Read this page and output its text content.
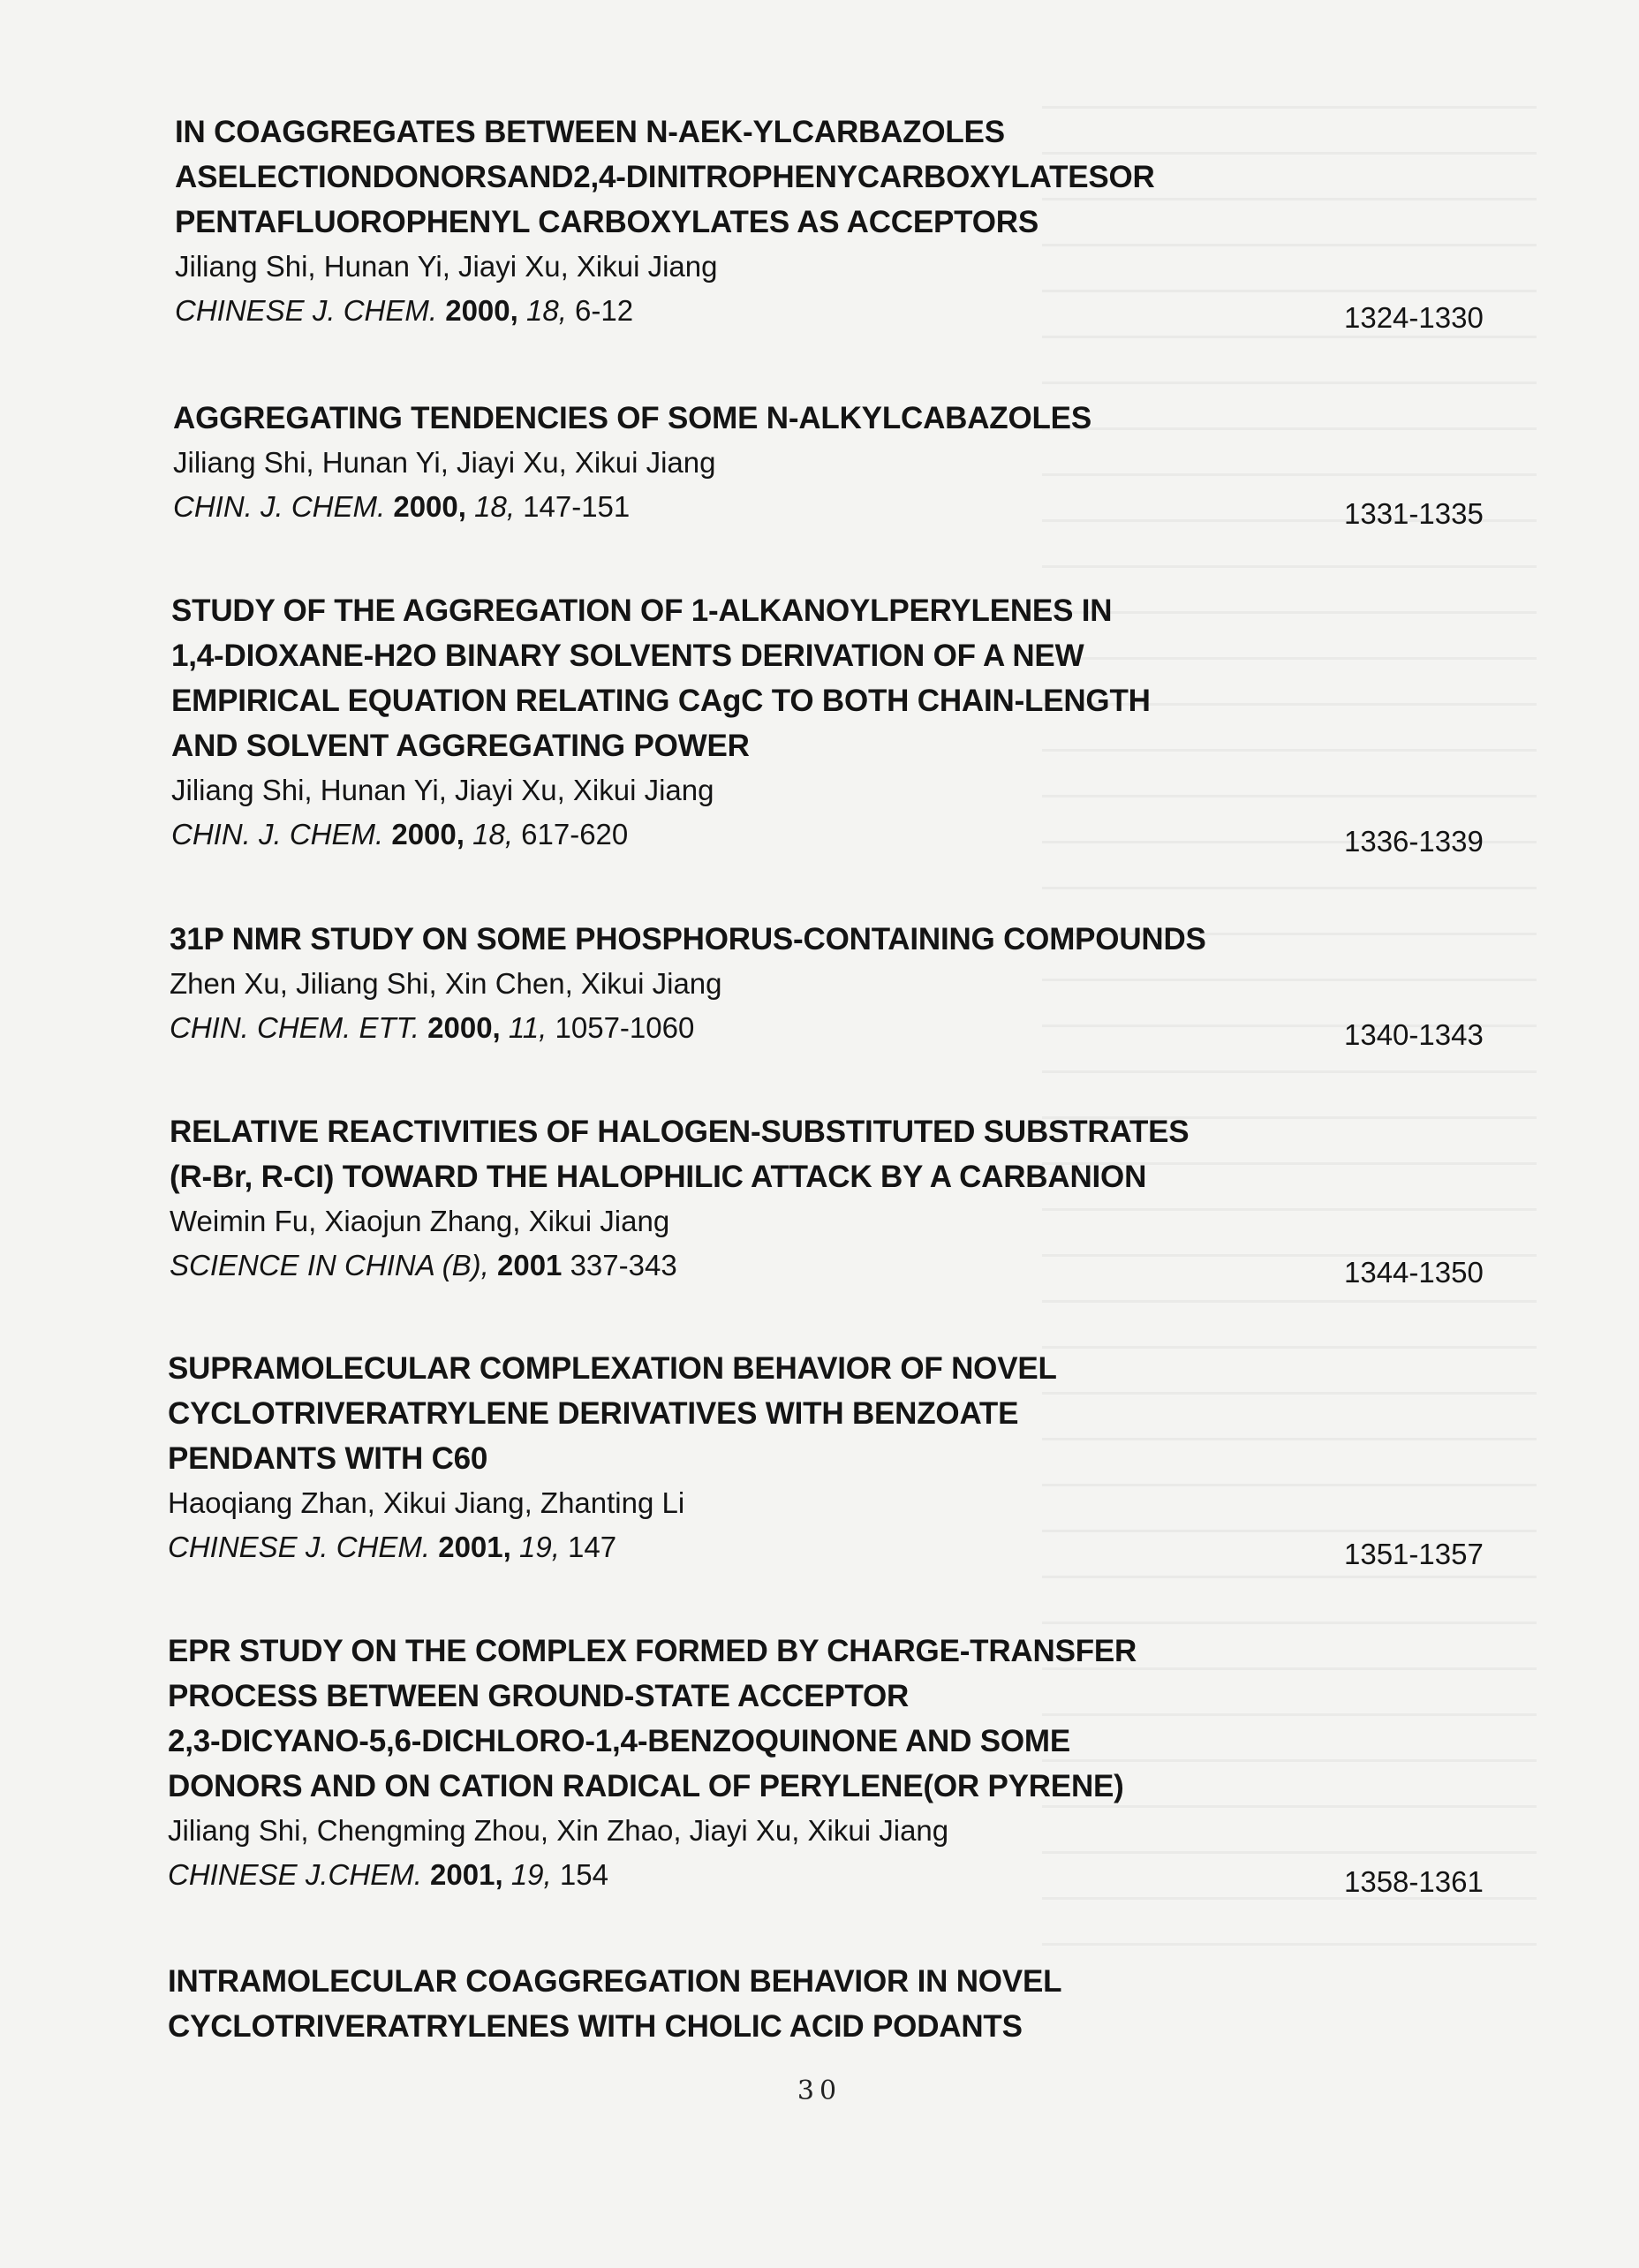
IN COAGGREGATES BETWEEN N-AEK-YLCARBAZOLES

ASELECTIONDONORSAND2,4-DINITROPHENYCARBOXYLATESOR

PENTAFLUOROPHENYL CARBOXYLATES AS ACCEPTORS

Jiliang Shi, Hunan Yi, Jiayi Xu, Xikui Jiang

CHINESE J. CHEM. 2000, 18, 6-12	1324-1330

AGGREGATING TENDENCIES OF SOME N-ALKYLCABAZOLES

Jiliang Shi, Hunan Yi, Jiayi Xu, Xikui Jiang

CHIN. J. CHEM. 2000, 18, 147-151	1331-1335

STUDY OF THE AGGREGATION OF 1-ALKANOYLPERYLENES IN

1,4-DIOXANE-H2O BINARY SOLVENTS DERIVATION OF A NEW

EMPIRICAL EQUATION RELATING CAgC TO BOTH CHAIN-LENGTH

AND SOLVENT AGGREGATING POWER

Jiliang Shi, Hunan Yi, Jiayi Xu, Xikui Jiang

CHIN. J. CHEM. 2000, 18, 617-620	1336-1339

31P NMR STUDY ON SOME PHOSPHORUS-CONTAINING COMPOUNDS

Zhen Xu, Jiliang Shi, Xin Chen, Xikui Jiang

CHIN. CHEM. ETT. 2000, 11, 1057-1060	1340-1343

RELATIVE REACTIVITIES OF HALOGEN-SUBSTITUTED SUBSTRATES

(R-Br, R-CI) TOWARD THE HALOPHILIC ATTACK BY A CARBANION

Weimin Fu, Xiaojun Zhang, Xikui Jiang

SCIENCE IN CHINA (B), 2001 337-343	1344-1350

SUPRAMOLECULAR COMPLEXATION BEHAVIOR OF NOVEL

CYCLOTRIVERATRYLENE DERIVATIVES WITH BENZOATE

PENDANTS WITH C60

Haoqiang Zhan, Xikui Jiang, Zhanting Li

CHINESE J. CHEM. 2001, 19, 147	1351-1357

EPR STUDY ON THE COMPLEX FORMED BY CHARGE-TRANSFER

PROCESS BETWEEN GROUND-STATE ACCEPTOR

2,3-DICYANO-5,6-DICHLORO-1,4-BENZOQUINONE AND SOME

DONORS AND ON CATION RADICAL OF PERYLENE(OR PYRENE)

Jiliang Shi, Chengming Zhou, Xin Zhao, Jiayi Xu, Xikui Jiang

CHINESE J.CHEM. 2001, 19, 154	1358-1361

INTRAMOLECULAR COAGGREGATION BEHAVIOR IN NOVEL

CYCLOTRIVERATRYLENES WITH CHOLIC ACID PODANTS

30
